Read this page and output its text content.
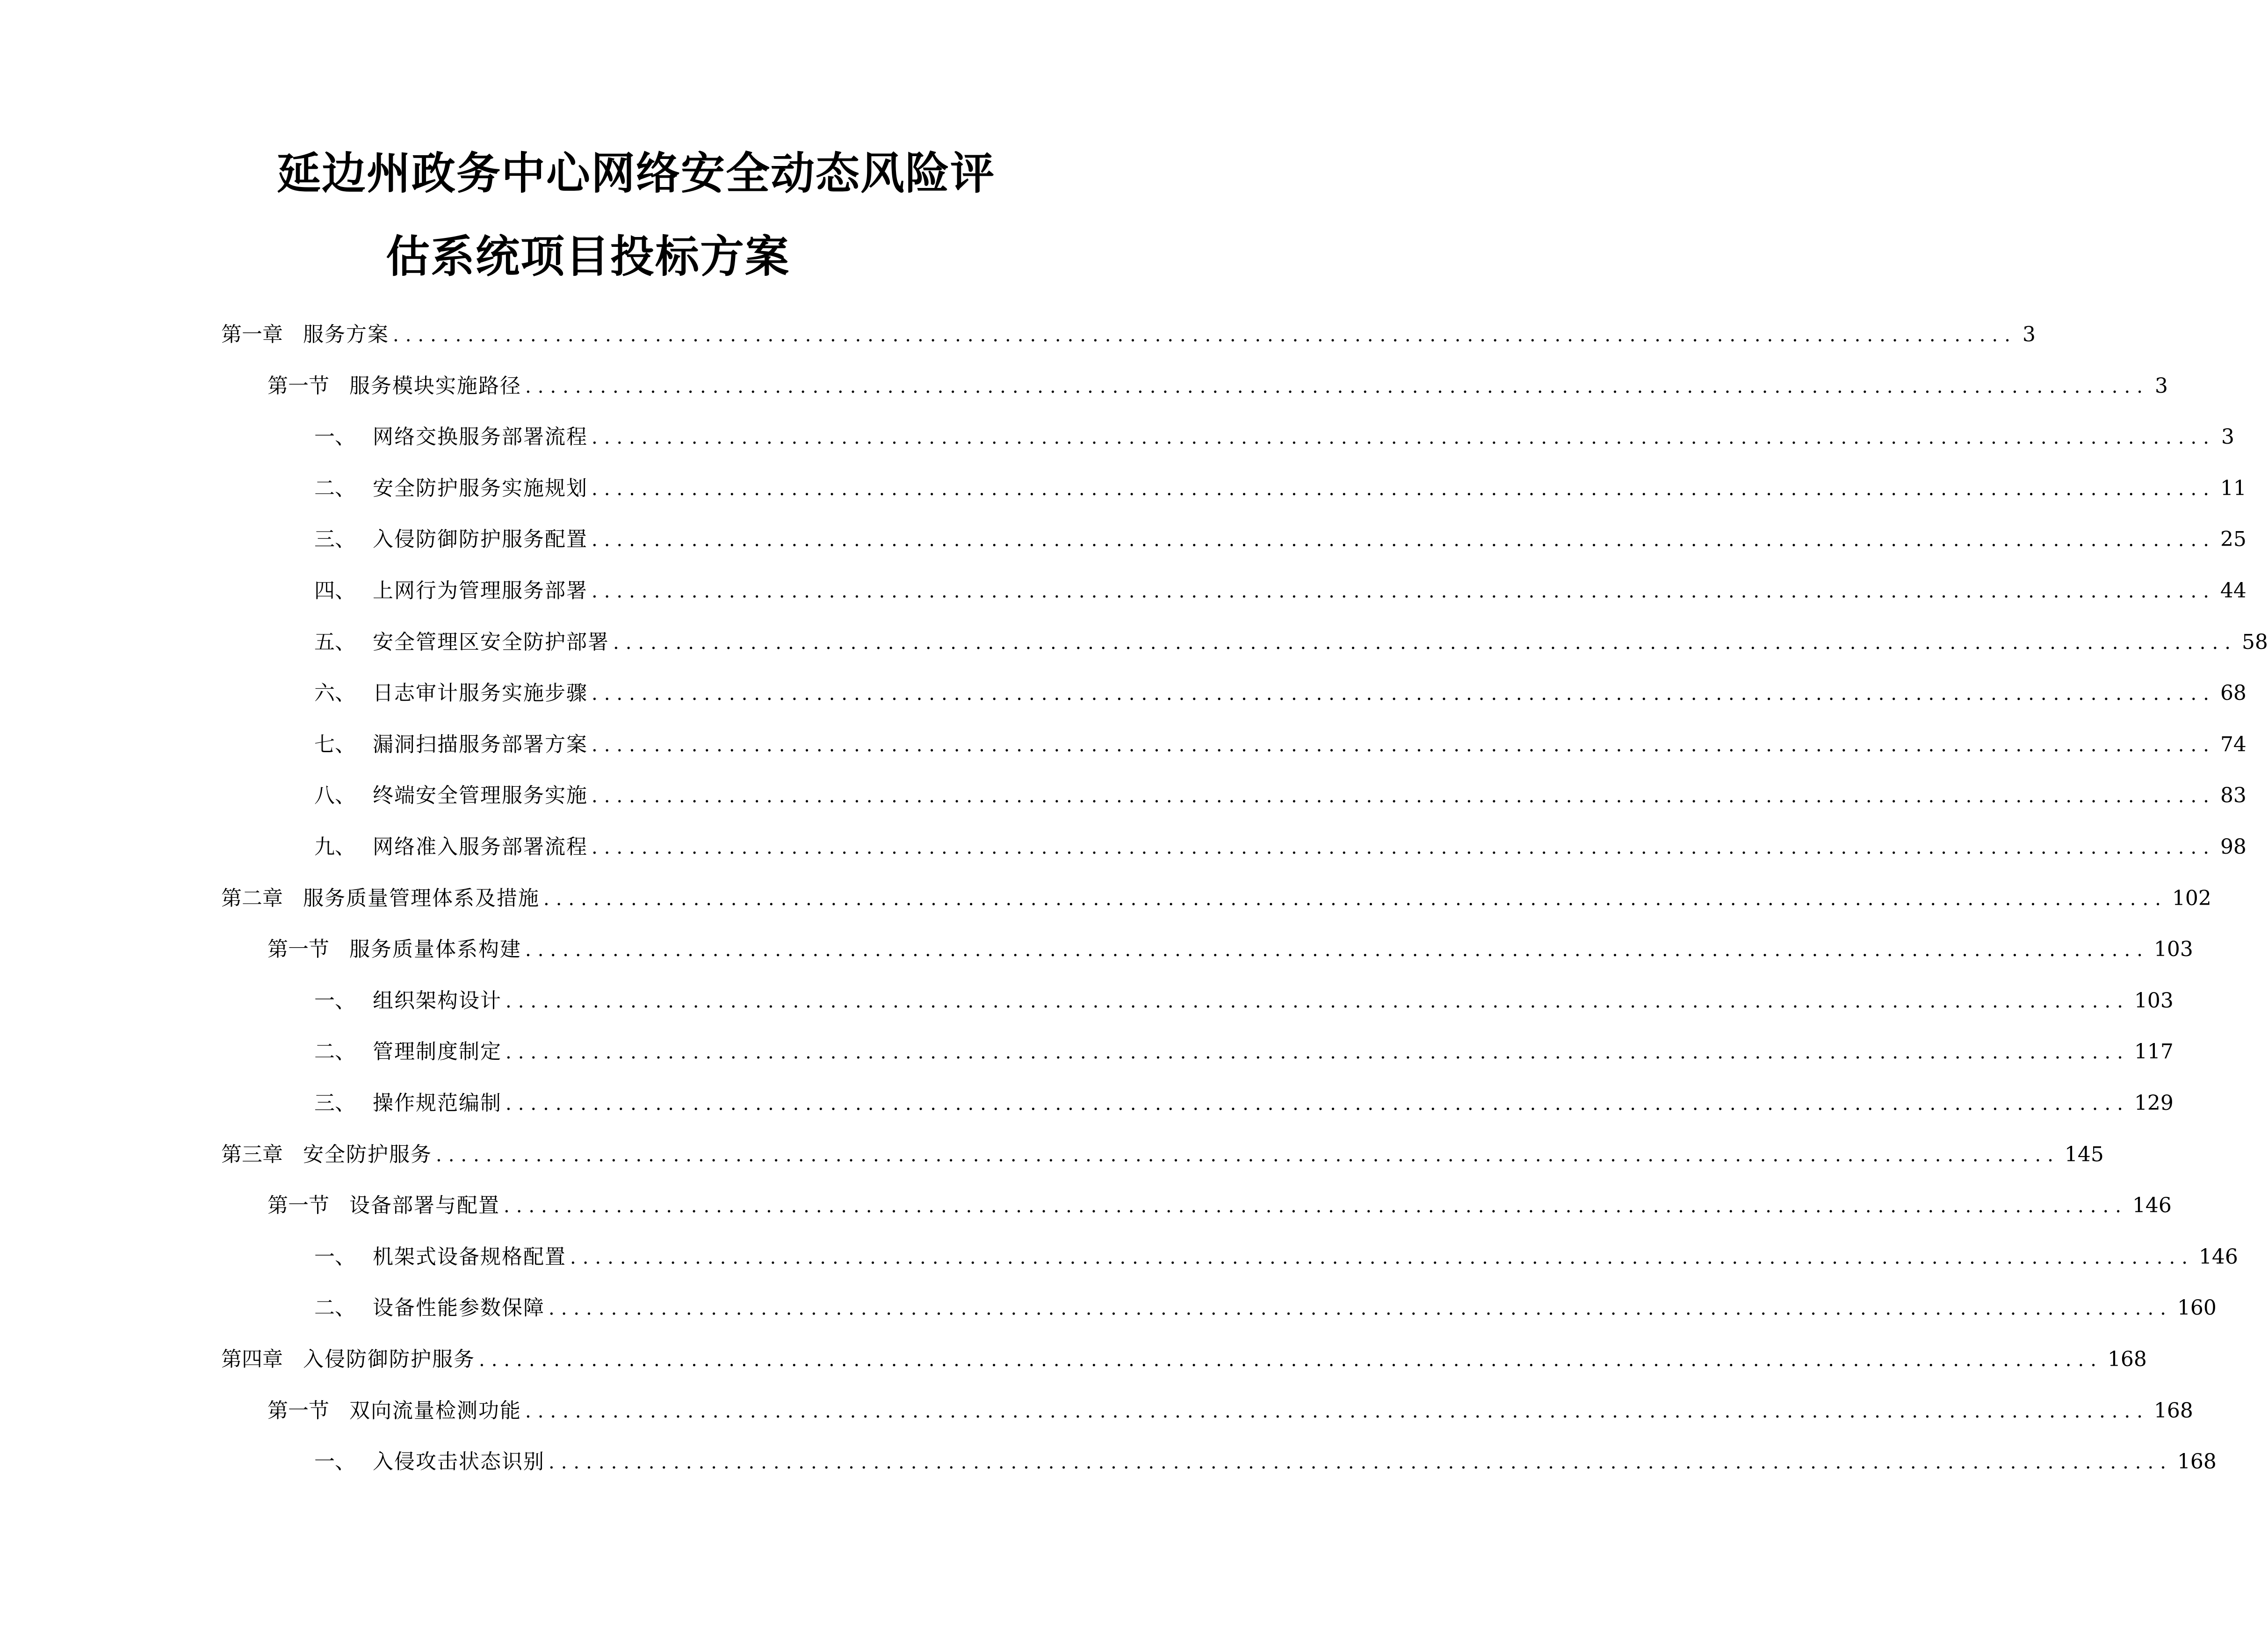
延边州政务中心网络安全动态风险评
估系统项目投标方案
第一章 服务方案 .................................................................................................................................. 3
第一节 服务模块实施路径 .................................................................................................................................. 3
一、 网络交换服务部署流程 .................................................................................................................................. 3
二、 安全防护服务实施规划 .................................................................................................................................. 11
三、 入侵防御防护服务配置 .................................................................................................................................. 25
四、 上网行为管理服务部署 .................................................................................................................................. 44
五、 安全管理区安全防护部署 .................................................................................................................................. 58
六、 日志审计服务实施步骤 .................................................................................................................................. 68
七、 漏洞扫描服务部署方案 .................................................................................................................................. 74
八、 终端安全管理服务实施 .................................................................................................................................. 83
九、 网络准入服务部署流程 .................................................................................................................................. 98
第二章 服务质量管理体系及措施 .................................................................................................................................. 102
第一节 服务质量体系构建 .................................................................................................................................. 103
一、 组织架构设计 .................................................................................................................................. 103
二、 管理制度制定 .................................................................................................................................. 117
三、 操作规范编制 .................................................................................................................................. 129
第三章 安全防护服务 .................................................................................................................................. 145
第一节 设备部署与配置 .................................................................................................................................. 146
一、 机架式设备规格配置 .................................................................................................................................. 146
二、 设备性能参数保障 .................................................................................................................................. 160
第四章 入侵防御防护服务 .................................................................................................................................. 168
第一节 双向流量检测功能 .................................................................................................................................. 168
一、 入侵攻击状态识别 .................................................................................................................................. 168
